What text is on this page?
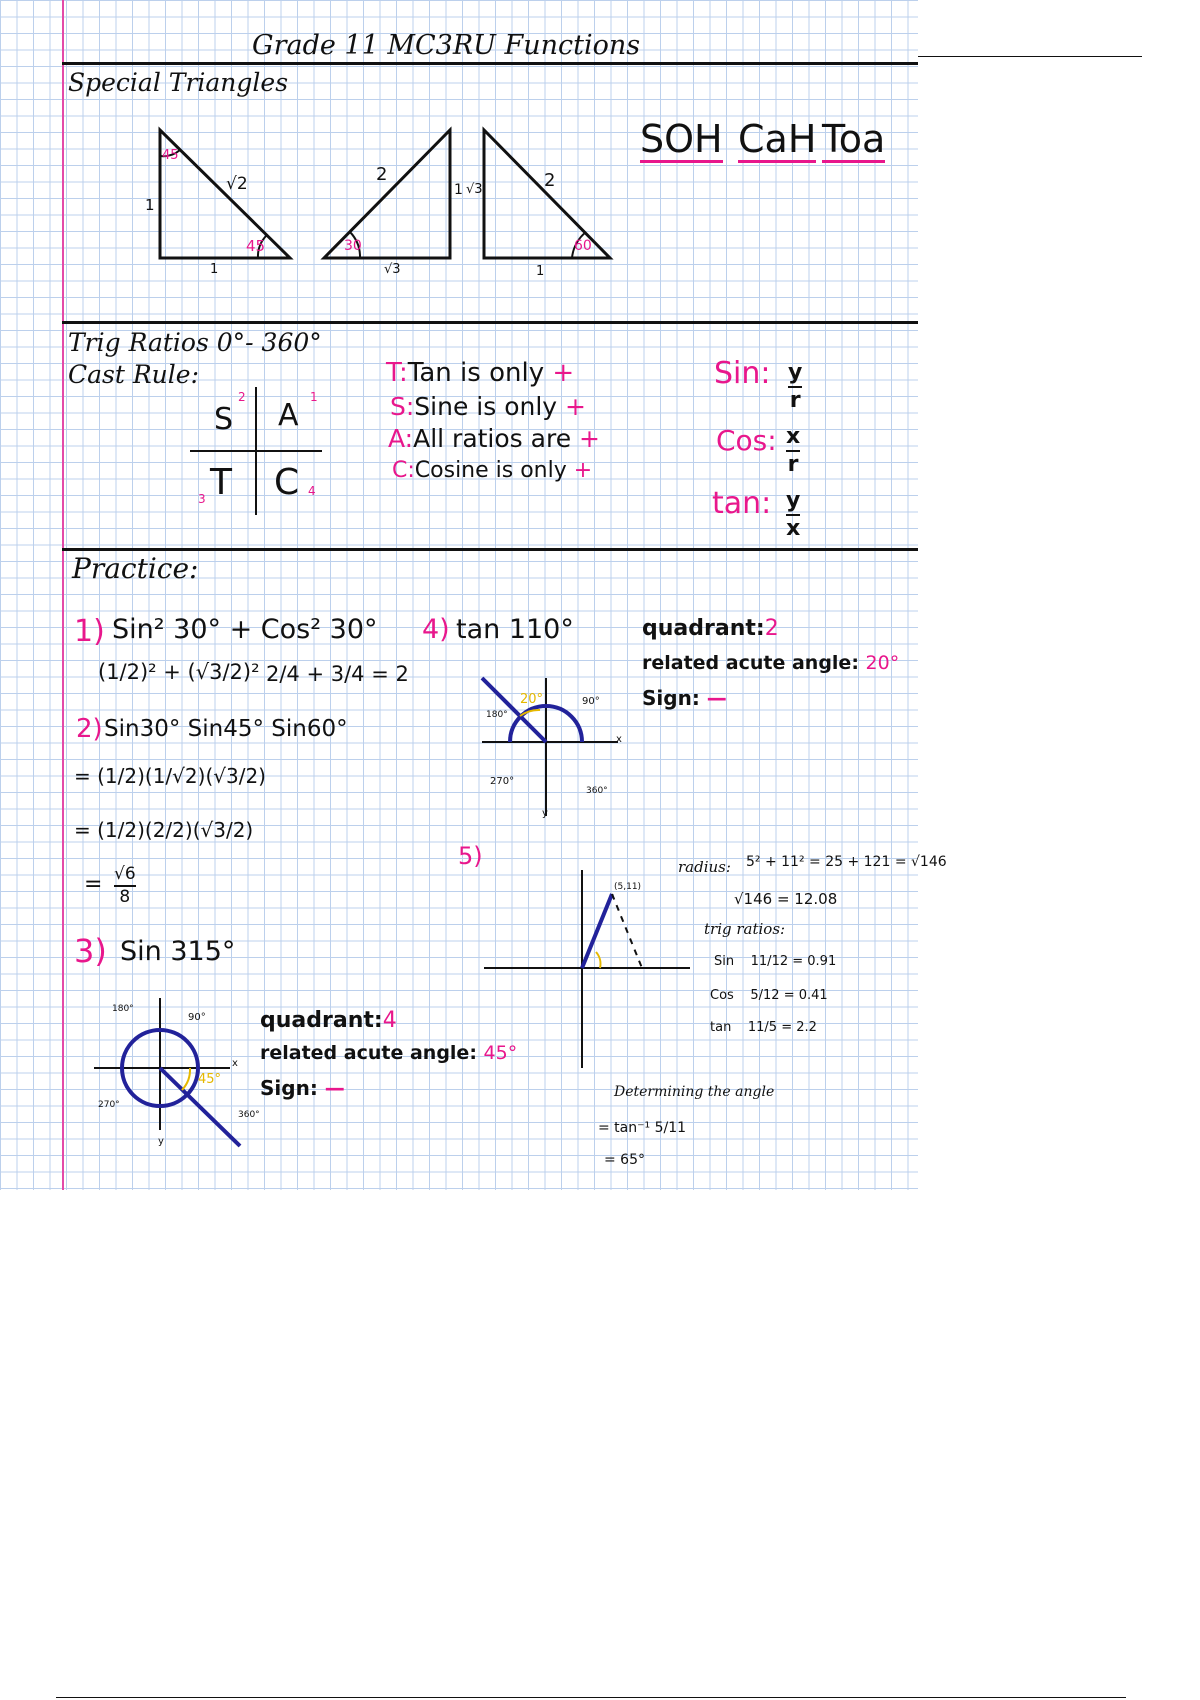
Grade 11 MC3RU Functions
Special Triangles
45
45
√2
1
1
30
2
1
√3
√3	2
60
1
SOH CaH Toa
Trig Ratios 0°- 360°
Cast Rule:
S
2
A
1
T
3 C 4
T:Tan is only +
S:Sine is only +
A:All ratios are +
C:Cosine is only +
Sin: y
r
Cos: x
r
tan: y
x
Practice:
1) Sin² 30° + Cos² 30°
(1/2)² + (√3/2)² 2/4 + 3/4 = 2
2) Sin30° Sin45° Sin60°
= (1/2)(1/√2)(√3/2)
= (1/2)(2/2)(√3/2)
= √6
8
3) Sin 315°
180°
90°
270°
360°
45°
x
y
quadrant:4
related acute angle: 45°
Sign: —
4) tan 110°
20°
180°
90°
270°
360°
x
y
quadrant:2
related acute angle: 20°
Sign: —
5)
(5,11)
radius: 5² + 11² = 25 + 121 = √146
√146 = 12.08
trig ratios:
Sin 11/12 = 0.91
Cos 5/12 = 0.41
tan 11/5 = 2.2
Determining the angle
= tan⁻¹ 5/11
= 65°
